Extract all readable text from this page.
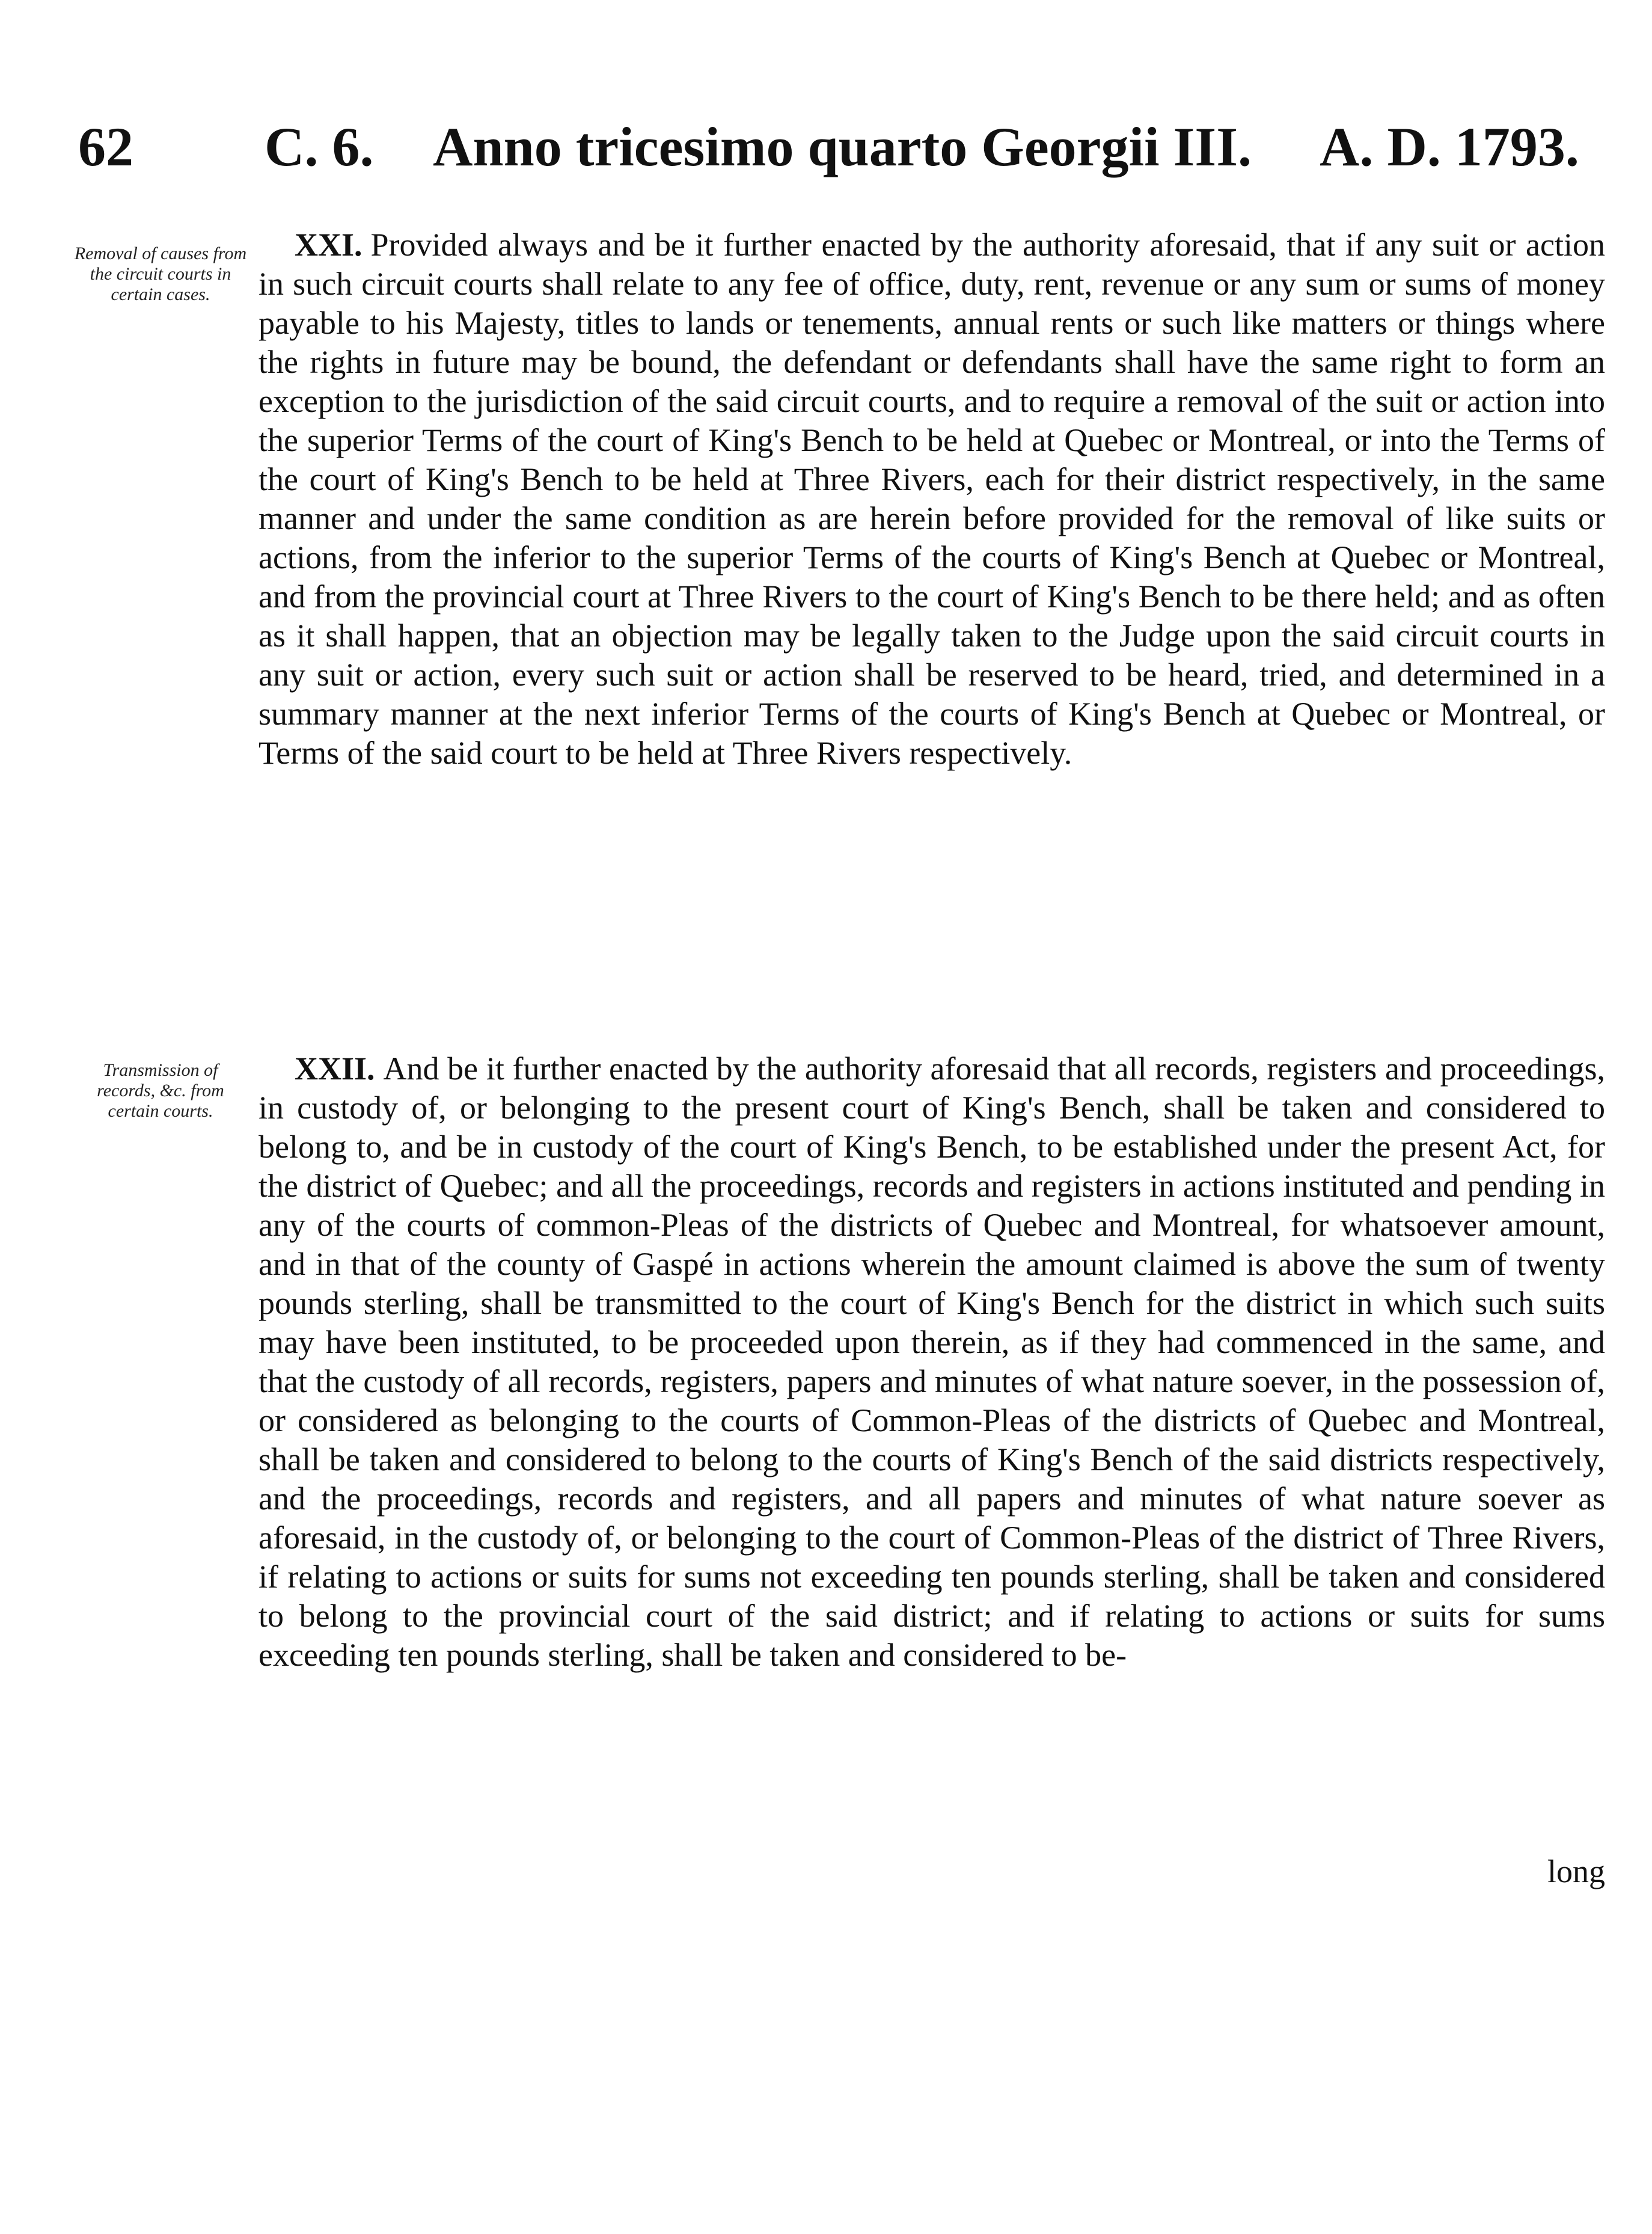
62 C. 6. Anno tricesimo quarto Georgii III. A. D. 1793.
Removal of causes from the circuit courts in certain cases.
XXI. Provided always and be it further enacted by the authority aforesaid, that if any suit or action in such circuit courts shall relate to any fee of office, duty, rent, revenue or any sum or sums of money payable to his Majesty, titles to lands or tenements, annual rents or such like matters or things where the rights in future may be bound, the defendant or defendants shall have the same right to form an exception to the jurisdiction of the said circuit courts, and to require a removal of the suit or action into the superior Terms of the court of King's Bench to be held at Quebec or Montreal, or into the Terms of the court of King's Bench to be held at Three Rivers, each for their district respectively, in the same manner and under the same condition as are herein before provided for the removal of like suits or actions, from the inferior to the superior Terms of the courts of King's Bench at Quebec or Montreal, and from the provincial court at Three Rivers to the court of King's Bench to be there held; and as often as it shall happen, that an objection may be legally taken to the Judge upon the said circuit courts in any suit or action, every such suit or action shall be reserved to be heard, tried, and determined in a summary manner at the next inferior Terms of the courts of King's Bench at Quebec or Montreal, or Terms of the said court to be held at Three Rivers respectively.
Transmission of records, &c. from certain courts.
XXII. And be it further enacted by the authority aforesaid that all records, registers and proceedings, in custody of, or belonging to the present court of King's Bench, shall be taken and considered to belong to, and be in custody of the court of King's Bench, to be established under the present Act, for the district of Quebec; and all the proceedings, records and registers in actions instituted and pending in any of the courts of common-Pleas of the districts of Quebec and Montreal, for whatsoever amount, and in that of the county of Gaspé in actions wherein the amount claimed is above the sum of twenty pounds sterling, shall be transmitted to the court of King's Bench for the district in which such suits may have been instituted, to be proceeded upon therein, as if they had commenced in the same, and that the custody of all records, registers, papers and minutes of what nature soever, in the possession of, or considered as belonging to the courts of Common-Pleas of the districts of Quebec and Montreal, shall be taken and considered to belong to the courts of King's Bench of the said districts respectively, and the proceedings, records and registers, and all papers and minutes of what nature soever as aforesaid, in the custody of, or belonging to the court of Common-Pleas of the district of Three Rivers, if relating to actions or suits for sums not exceeding ten pounds sterling, shall be taken and considered to belong to the provincial court of the said district; and if relating to actions or suits for sums exceeding ten pounds sterling, shall be taken and considered to be-
long
